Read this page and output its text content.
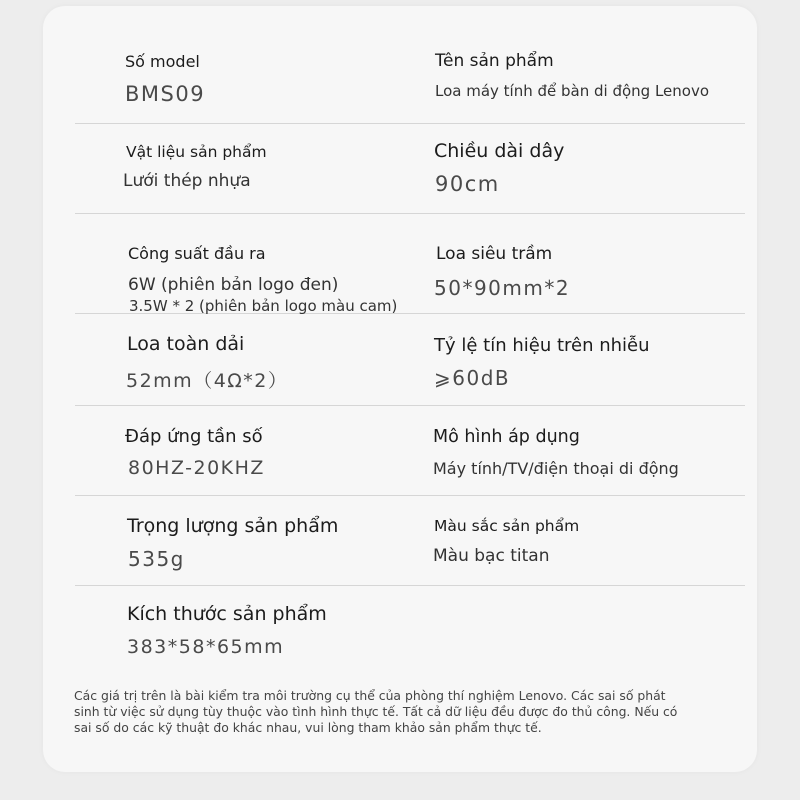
Số model
BMS09
Tên sản phẩm
Loa máy tính để bàn di động Lenovo
Vật liệu sản phẩm
Lưới thép nhựa
Chiều dài dây
90cm
Công suất đầu ra
6W (phiên bản logo đen)
3.5W * 2 (phiên bản logo màu cam)
Loa siêu trầm
50*90mm*2
Loa toàn dải
52mm（4Ω*2）
Tỷ lệ tín hiệu trên nhiễu
⩾60dB
Đáp ứng tần số
80HZ-20KHZ
Mô hình áp dụng
Máy tính/TV/điện thoại di động
Trọng lượng sản phẩm
535g
Màu sắc sản phẩm
Màu bạc titan
Kích thước sản phẩm
383*58*65mm
Các giá trị trên là bài kiểm tra môi trường cụ thể của phòng thí nghiệm Lenovo. Các sai số phát
sinh từ việc sử dụng tùy thuộc vào tình hình thực tế. Tất cả dữ liệu đều được đo thủ công. Nếu có
sai số do các kỹ thuật đo khác nhau, vui lòng tham khảo sản phẩm thực tế.
